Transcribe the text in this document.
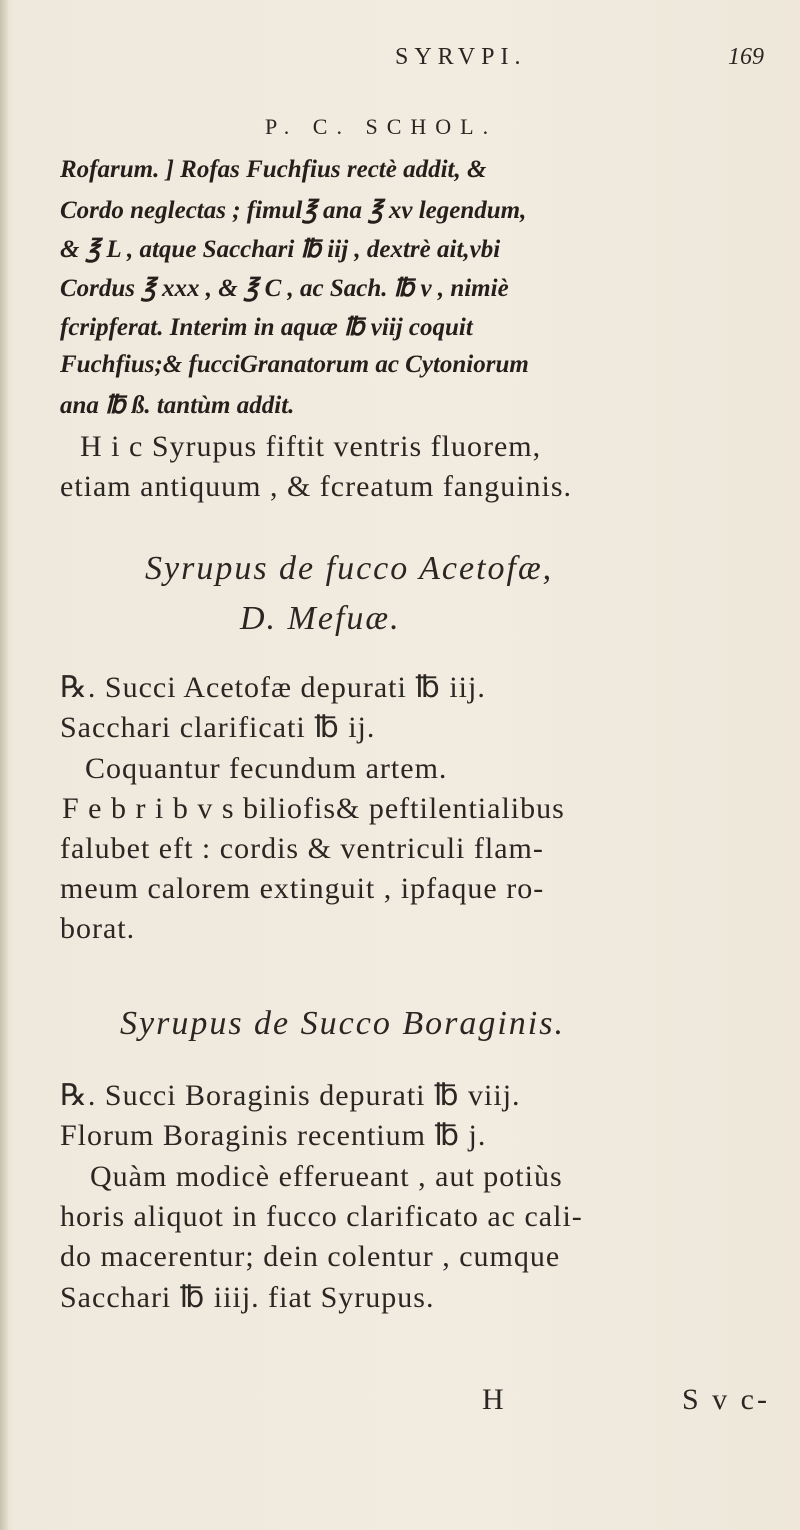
SYRVPI.	169
P. C. SCHOL.
Rofarum. ] Rofas Fuchfius rectè addit, &
Cordo neglectas ; fimul℥ ana ℥ xv legendum,
& ℥ L , atque Sacchari ℔ iij , dextrè ait,vbi
Cordus ℥ xxx , & ℥ C , ac Sach. ℔ v , nimiè
fcripferat. Interim in aquæ ℔ viij coquit
Fuchfius;& fucciGranatorum ac Cytoniorum
ana ℔ ß. tantùm addit.
H i c Syrupus fiftit ventris fluorem,
etiam antiquum , & fcreatum fanguinis.
Syrupus de fucco Acetofæ,
D. Mefuæ.
℞. Succi Acetofæ depurati ℔ iij.
Sacchari clarificati ℔ ij.
Coquantur fecundum artem.
F e b r i b v s biliofis& peftilentialibus
falubet eft : cordis & ventriculi flam-
meum calorem extinguit , ipfaque ro-
borat.
Syrupus de Succo Boraginis.
℞. Succi Boraginis depurati ℔ viij.
Florum Boraginis recentium ℔ j.
Quàm modicè efferueant , aut potiùs
horis aliquot in fucco clarificato ac cali-
do macerentur; dein colentur , cumque
Sacchari ℔ iiij. fiat Syrupus.
H	S v c-
